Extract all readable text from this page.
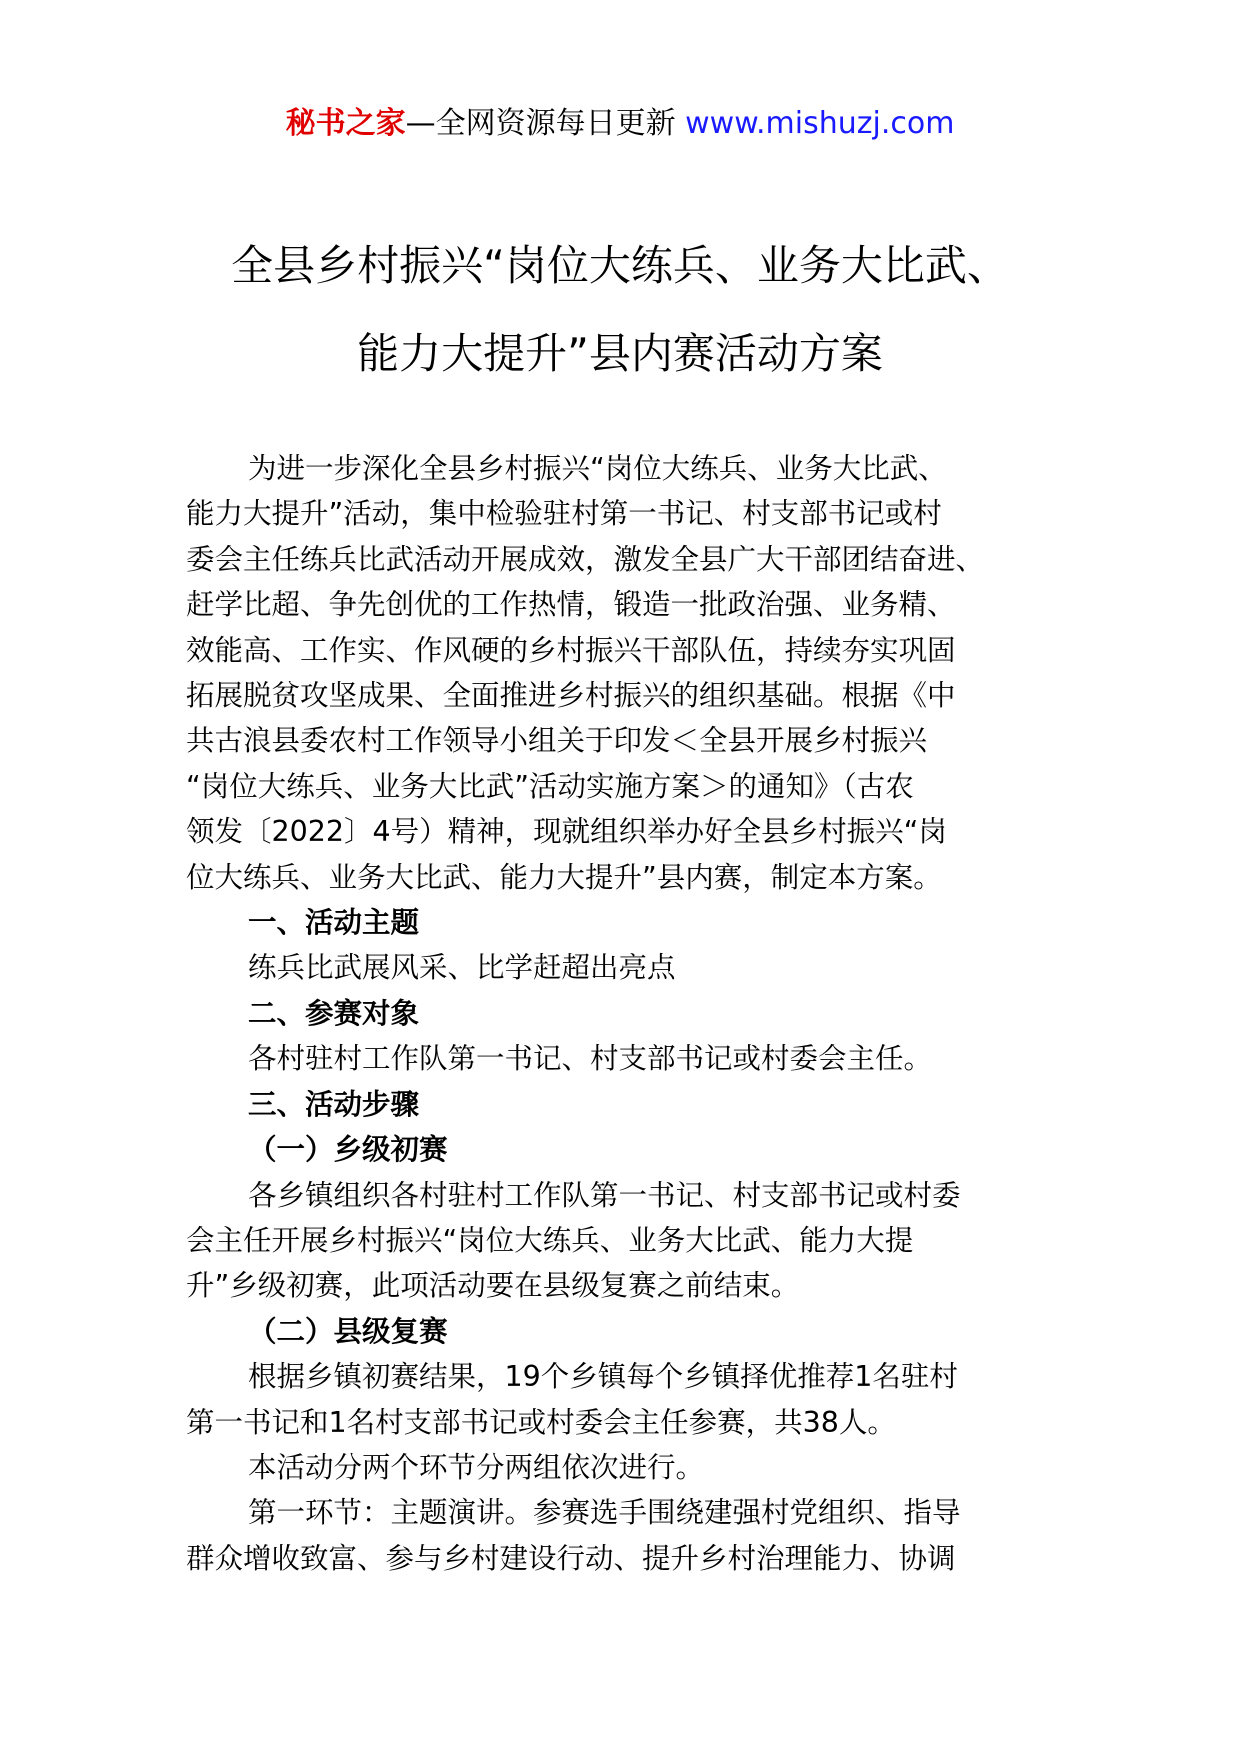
秘书之家—全网资源每日更新 www.mishuzj.com
全县乡村振兴“岗位大练兵、业务大比武、
能力大提升”县内赛活动方案

为进一步深化全县乡村振兴“岗位大练兵、业务大比武、

能力大提升”活动，集中检验驻村第一书记、村支部书记或村

委会主任练兵比武活动开展成效，激发全县广大干部团结奋进、

赶学比超、争先创优的工作热情，锻造一批政治强、业务精、

效能高、工作实、作风硬的乡村振兴干部队伍，持续夯实巩固

拓展脱贫攻坚成果、全面推进乡村振兴的组织基础。根据《中

共古浪县委农村工作领导小组关于印发＜全县开展乡村振兴

“岗位大练兵、业务大比武”活动实施方案＞的通知》（古农

领发〔2022〕4号）精神，现就组织举办好全县乡村振兴“岗

位大练兵、业务大比武、能力大提升”县内赛，制定本方案。

一、活动主题

练兵比武展风采、比学赶超出亮点

二、参赛对象

各村驻村工作队第一书记、村支部书记或村委会主任。

三、活动步骤

（一）乡级初赛

各乡镇组织各村驻村工作队第一书记、村支部书记或村委

会主任开展乡村振兴“岗位大练兵、业务大比武、能力大提

升”乡级初赛，此项活动要在县级复赛之前结束。

（二）县级复赛

根据乡镇初赛结果，19个乡镇每个乡镇择优推荐1名驻村

第一书记和1名村支部书记或村委会主任参赛，共38人。

本活动分两个环节分两组依次进行。

第一环节：主题演讲。参赛选手围绕建强村党组织、指导

群众增收致富、参与乡村建设行动、提升乡村治理能力、协调
